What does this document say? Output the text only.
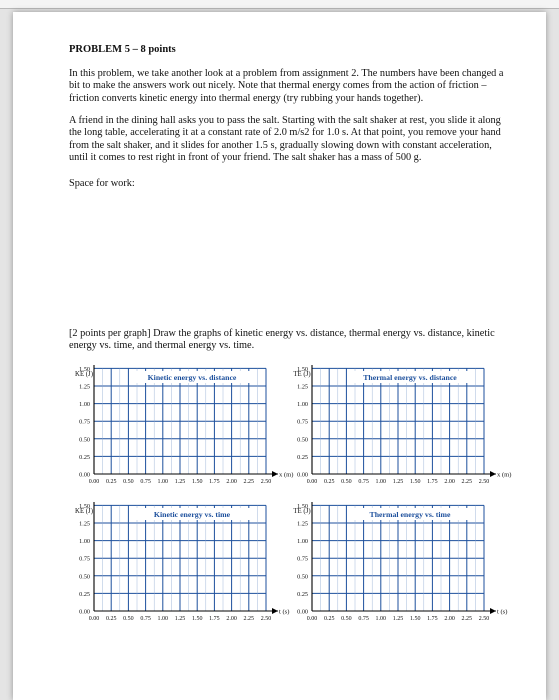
PROBLEM 5 – 8 points
In this problem, we take another look at a problem from assignment 2. The numbers have been changed a bit to make the answers work out nicely. Note that thermal energy comes from the action of friction – friction converts kinetic energy into thermal energy (try rubbing your hands together).
A friend in the dining hall asks you to pass the salt. Starting with the salt shaker at rest, you slide it along the long table, accelerating it at a constant rate of 2.0 m/s2 for 1.0 s. At that point, you remove your hand from the salt shaker, and it slides for another 1.5 s, gradually slowing down with constant acceleration, until it comes to rest right in front of your friend. The salt shaker has a mass of 500 g.
Space for work:
[2 points per graph] Draw the graphs of kinetic energy vs. distance, thermal energy vs. distance, kinetic energy vs. time, and thermal energy vs. time.
0.00
0.25
0.50
0.75
1.00
1.25
1.50
0.00 0.25 0.50 0.75 1.00 1.25 1.50 1.75 2.00 2.25 2.50
KE (J)
x (m)
Kinetic energy vs. distance
0.00
0.25
0.50
0.75
1.00
1.25
1.50
0.00 0.25 0.50 0.75 1.00 1.25 1.50 1.75 2.00 2.25 2.50
TE (J)
x (m)
Thermal energy vs. distance
0.00
0.25
0.50
0.75
1.00
1.25
1.50
0.00 0.25 0.50 0.75 1.00 1.25 1.50 1.75 2.00 2.25 2.50
KE (J)
t (s)
Kinetic energy vs. time
0.00
0.25
0.50
0.75
1.00
1.25
1.50
0.00 0.25 0.50 0.75 1.00 1.25 1.50 1.75 2.00 2.25 2.50
TE (J)
t (s)
Thermal energy vs. time
